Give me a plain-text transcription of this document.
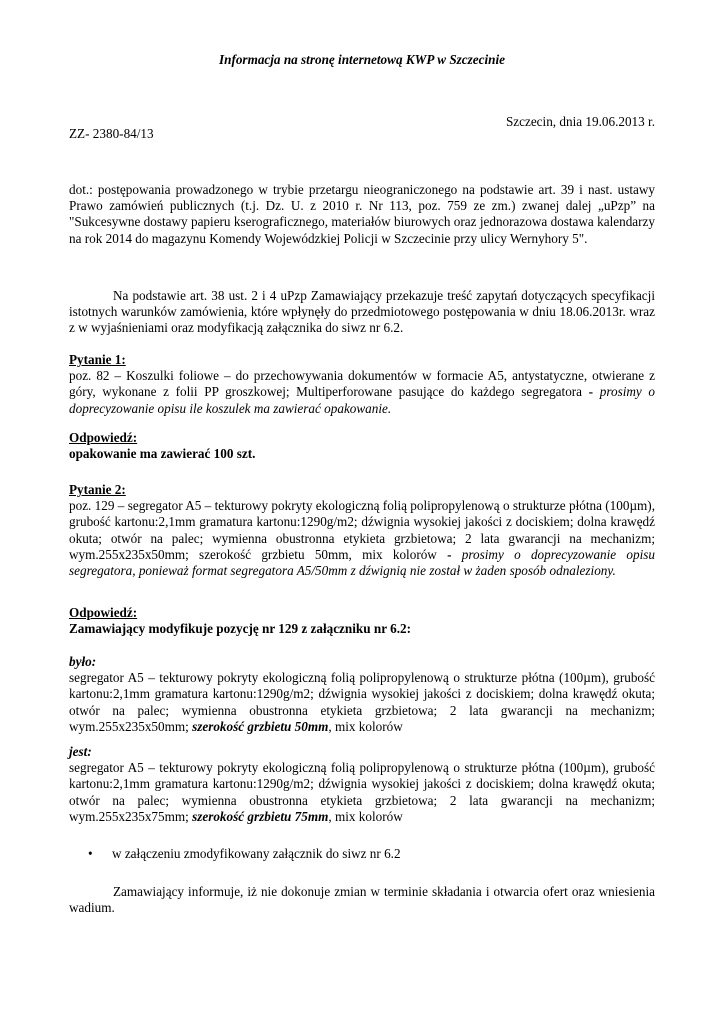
Informacja na stronę internetową KWP w Szczecinie
Szczecin, dnia 19.06.2013 r.
ZZ- 2380-84/13

dot.: postępowania prowadzonego w trybie przetargu nieograniczonego na podstawie art. 39 i nast. ustawy Prawo zamówień publicznych (t.j. Dz. U. z 2010 r. Nr 113, poz. 759 ze zm.) zwanej dalej „uPzp” na "Sukcesywne dostawy papieru kserograficznego, materiałów biurowych oraz jednorazowa dostawa kalendarzy na rok 2014 do magazynu Komendy Wojewódzkiej Policji w Szczecinie przy ulicy Wernyhory 5".

Na podstawie art. 38 ust. 2 i 4 uPzp Zamawiający przekazuje treść zapytań dotyczących specyfikacji istotnych warunków zamówienia, które wpłynęły do przedmiotowego postępowania w dniu 18.06.2013r. wraz z w wyjaśnieniami oraz modyfikacją załącznika do siwz nr 6.2.

Pytanie 1:

poz. 82 – Koszulki foliowe – do przechowywania dokumentów w formacie A5, antystatyczne, otwierane z góry, wykonane z folii PP groszkowej; Multiperforowane pasujące do każdego segregatora - prosimy o doprecyzowanie opisu ile koszulek ma zawierać opakowanie.

Odpowiedź:

opakowanie ma zawierać 100 szt.

Pytanie 2:

poz. 129 – segregator A5 – tekturowy pokryty ekologiczną folią polipropylenową o strukturze płótna (100µm), grubość kartonu:2,1mm gramatura kartonu:1290g/m2; dźwignia wysokiej jakości z dociskiem; dolna krawędź okuta; otwór na palec; wymienna obustronna etykieta grzbietowa; 2 lata gwarancji na mechanizm; wym.255x235x50mm; szerokość grzbietu 50mm, mix kolorów - prosimy o doprecyzowanie opisu segregatora, ponieważ format segregatora A5/50mm z dźwignią nie został w żaden sposób odnaleziony.

Odpowiedź:

Zamawiający modyfikuje pozycję nr 129 z załączniku nr 6.2:

było:

segregator A5 – tekturowy pokryty ekologiczną folią polipropylenową o strukturze płótna (100µm), grubość kartonu:2,1mm gramatura kartonu:1290g/m2; dźwignia wysokiej jakości z dociskiem; dolna krawędź okuta; otwór na palec; wymienna obustronna etykieta grzbietowa; 2 lata gwarancji na mechanizm; wym.255x235x50mm; szerokość grzbietu 50mm, mix kolorów

jest:

segregator A5 – tekturowy pokryty ekologiczną folią polipropylenową o strukturze płótna (100µm), grubość kartonu:2,1mm gramatura kartonu:1290g/m2; dźwignia wysokiej jakości z dociskiem; dolna krawędź okuta; otwór na palec; wymienna obustronna etykieta grzbietowa; 2 lata gwarancji na mechanizm; wym.255x235x75mm; szerokość grzbietu 75mm, mix kolorów

• w załączeniu zmodyfikowany załącznik do siwz nr 6.2

Zamawiający informuje, iż nie dokonuje zmian w terminie składania i otwarcia ofert oraz wniesienia wadium.
